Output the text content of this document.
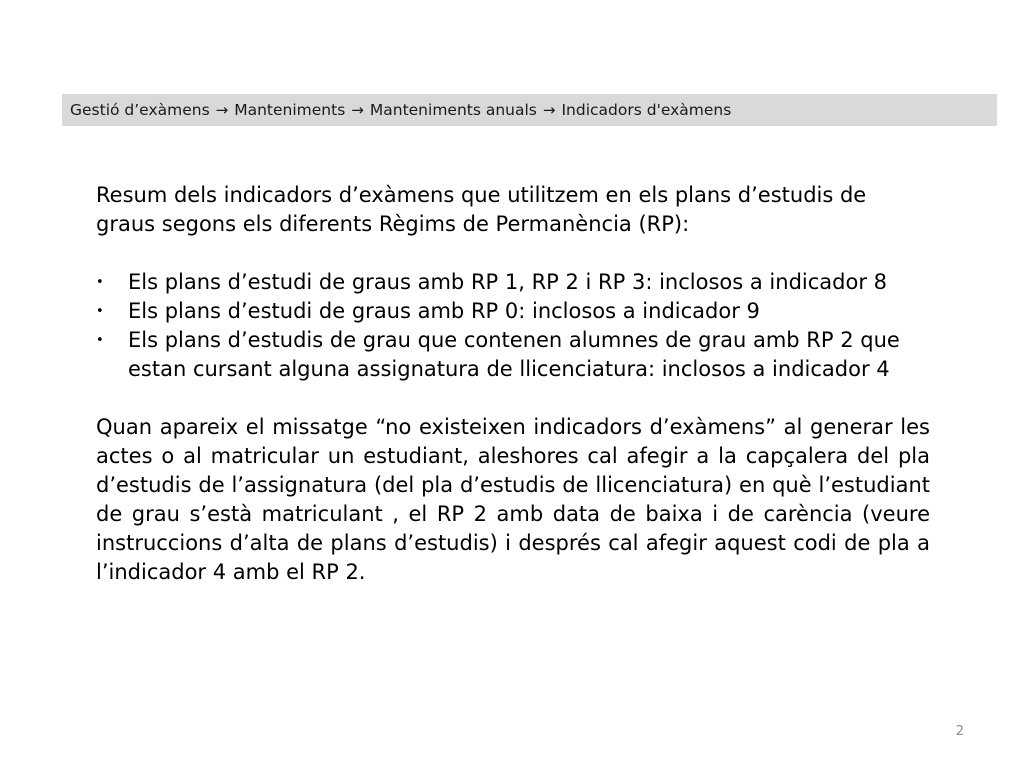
Gestió d’exàmens → Manteniments → Manteniments anuals → Indicadors d'exàmens

Resum dels indicadors d’exàmens que utilitzem en els plans d’estudis de graus segons els diferents Règims de Permanència (RP):

• Els plans d’estudi de graus amb RP 1, RP 2 i RP 3: inclosos a indicador 8
• Els plans d’estudi de graus amb RP 0: inclosos a indicador 9
• Els plans d’estudis de grau que contenen alumnes de grau amb RP 2 que estan cursant alguna assignatura de llicenciatura: inclosos a indicador 4

Quan apareix el missatge “no existeixen indicadors d’exàmens” al generar les actes o al matricular un estudiant, aleshores cal afegir a la capçalera del pla d’estudis de l’assignatura (del pla d’estudis de llicenciatura) en què l’estudiant de grau s’està matriculant , el RP 2 amb data de baixa i de carència (veure instruccions d’alta de plans d’estudis) i després cal afegir aquest codi de pla a l’indicador 4 amb el RP 2.

2
